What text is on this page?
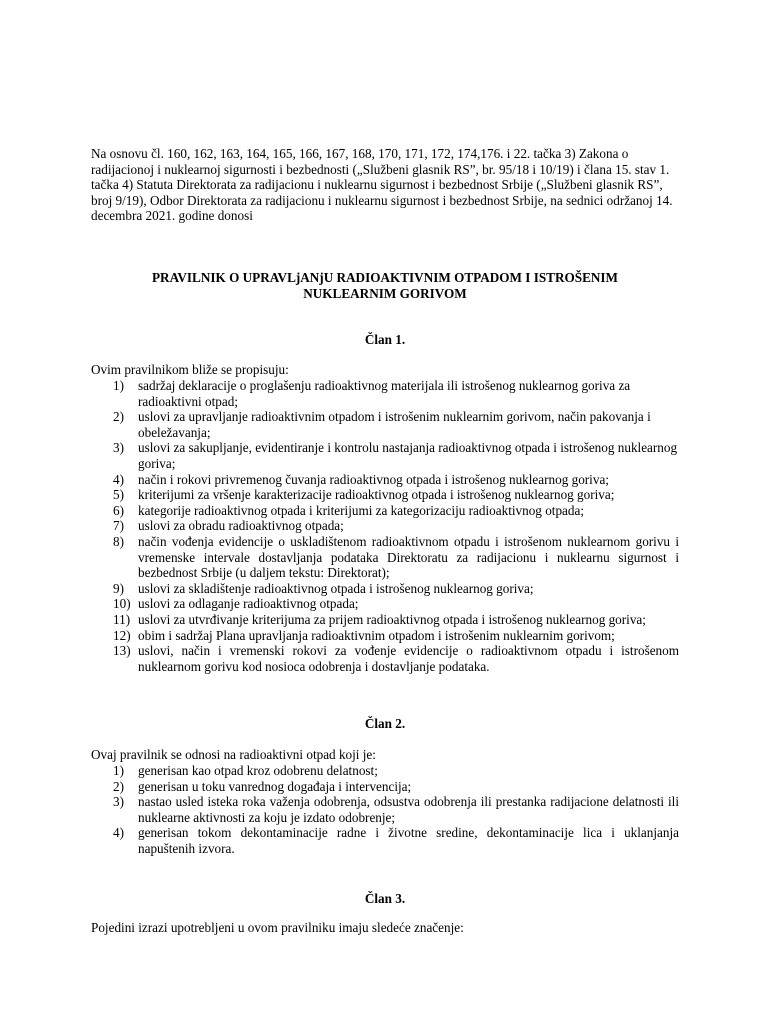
Na osnovu čl. 160, 162, 163, 164, 165, 166, 167, 168, 170, 171, 172, 174,176. i 22. tačka 3) Zakona o radijacionoj i nuklearnoj sigurnosti i bezbednosti („Službeni glasnik RS”, br. 95/18 i 10/19) i člana 15. stav 1. tačka 4) Statuta Direktorata za radijacionu i nuklearnu sigurnost i bezbednost Srbije („Službeni glasnik RS”, broj 9/19), Odbor Direktorata za radijacionu i nuklearnu sigurnost i bezbednost Srbije, na sednici održanoj 14. decembra 2021. godine donosi

PRAVILNIK O UPRAVLjANjU RADIOAKTIVNIM OTPADOM I ISTROŠENIM
NUKLEARNIM GORIVOM
Član 1.

Ovim pravilnikom bliže se propisuju:

1) sadržaj deklaracije o proglašenju radioaktivnog materijala ili istrošenog nuklearnog goriva za radioaktivni otpad;
2) uslovi za upravljanje radioaktivnim otpadom i istrošenim nuklearnim gorivom, način pakovanja i obeležavanja;
3) uslovi za sakupljanje, evidentiranje i kontrolu nastajanja radioaktivnog otpada i istrošenog nuklearnog goriva;
4) način i rokovi privremenog čuvanja radioaktivnog otpada i istrošenog nuklearnog goriva;
5) kriterijumi za vršenje karakterizacije radioaktivnog otpada i istrošenog nuklearnog goriva;
6) kategorije radioaktivnog otpada i kriterijumi za kategorizaciju radioaktivnog otpada;
7) uslovi za obradu radioaktivnog otpada;
8) način vođenja evidencije o uskladištenom radioaktivnom otpadu i istrošenom nuklearnom gorivu i vremenske intervale dostavljanja podataka Direktoratu za radijacionu i nuklearnu sigurnost i bezbednost Srbije (u daljem tekstu: Direktorat);
9) uslovi za skladištenje radioaktivnog otpada i istrošenog nuklearnog goriva;
10) uslovi za odlaganje radioaktivnog otpada;
11) uslovi za utvrđivanje kriterijuma za prijem radioaktivnog otpada i istrošenog nuklearnog goriva;
12) obim i sadržaj Plana upravljanja radioaktivnim otpadom i istrošenim nuklearnim gorivom;
13) uslovi, način i vremenski rokovi za vođenje evidencije o radioaktivnom otpadu i istrošenom nuklearnom gorivu kod nosioca odobrenja i dostavljanje podataka.
Član 2.

Ovaj pravilnik se odnosi na radioaktivni otpad koji je:

1) generisan kao otpad kroz odobrenu delatnost;
2) generisan u toku vanrednog događaja i intervencija;
3) nastao usled isteka roka važenja odobrenja, odsustva odobrenja ili prestanka radijacione delatnosti ili nuklearne aktivnosti za koju je izdato odobrenje;
4) generisan tokom dekontaminacije radne i životne sredine, dekontaminacije lica i uklanjanja napuštenih izvora.
Član 3.

Pojedini izrazi upotrebljeni u ovom pravilniku imaju sledeće značenje:
